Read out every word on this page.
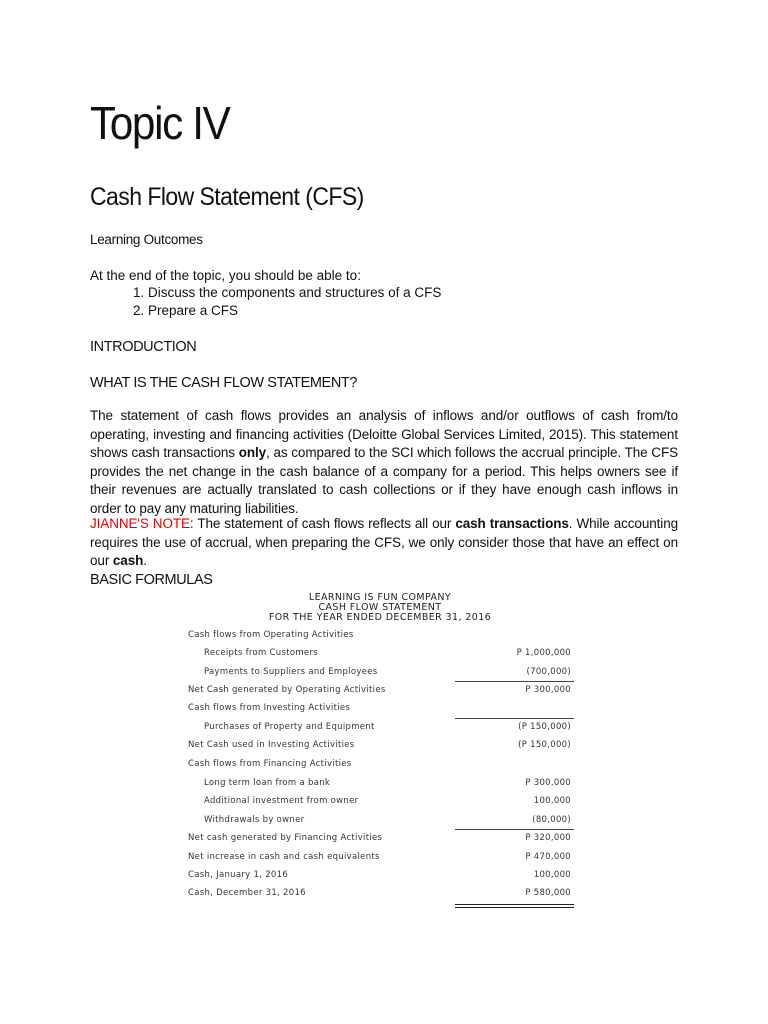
Topic IV
Cash Flow Statement (CFS)
Learning Outcomes
At the end of the topic, you should be able to:
1. Discuss the components and structures of a CFS
2. Prepare a CFS
INTRODUCTION
WHAT IS THE CASH FLOW STATEMENT?

The statement of cash flows provides an analysis of inflows and/or outflows of cash from/to operating, investing and financing activities (Deloitte Global Services Limited, 2015). This statement shows cash transactions only, as compared to the SCI which follows the accrual principle. The CFS provides the net change in the cash balance of a company for a period. This helps owners see if their revenues are actually translated to cash collections or if they have enough cash inflows in order to pay any maturing liabilities.

JIANNE'S NOTE: The statement of cash flows reflects all our cash transactions. While accounting requires the use of accrual, when preparing the CFS, we only consider those that have an effect on our cash.

BASIC FORMULAS
LEARNING IS FUN COMPANY
CASH FLOW STATEMENT
FOR THE YEAR ENDED DECEMBER 31, 2016
Cash flows from Operating Activities
Receipts from Customers	P 1,000,000
Payments to Suppliers and Employees	(700,000)
Net Cash generated by Operating Activities	P 300,000
Cash flows from Investing Activities
Purchases of Property and Equipment	(P 150,000)
Net Cash used in Investing Activities	(P 150,000)
Cash flows from Financing Activities
Long term loan from a bank	P 300,000
Additional investment from owner	100,000
Withdrawals by owner	(80,000)
Net cash generated by Financing Activities	P 320,000
Net increase in cash and cash equivalents	P 470,000
Cash, January 1, 2016	100,000
Cash, December 31, 2016	P 580,000
